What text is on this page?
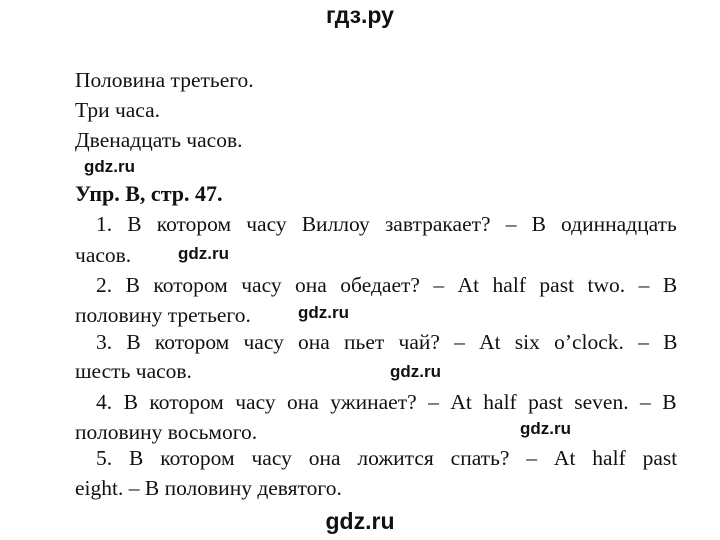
гдз.ру
Половина третьего.
Три часа.
Двенадцать часов.
gdz.ru
Упр. B, стр. 47.
1. В котором часу Виллоу завтракает? – В одиннадцать
часов.	gdz.ru
2. В котором часу она обедает? – At half past two. – В
половину третьего.	gdz.ru
3. В котором часу она пьет чай? – At six o’clock. – В
шесть часов.	gdz.ru
4. В котором часу она ужинает? – At half past seven. – В
половину восьмого.	gdz.ru
5. В котором часу она ложится спать? – At half past
eight. – В половину девятого.
gdz.ru
